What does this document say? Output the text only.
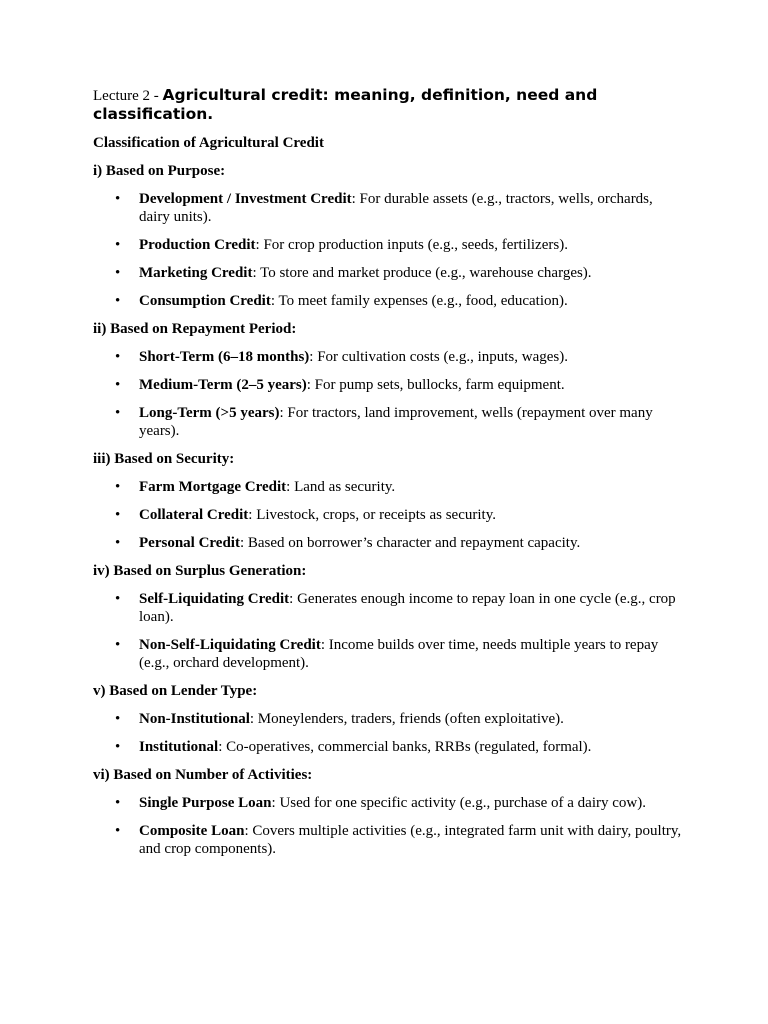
Lecture 2 - Agricultural credit: meaning, definition, need and classification.
Classification of Agricultural Credit
i) Based on Purpose:
• Development / Investment Credit: For durable assets (e.g., tractors, wells, orchards, dairy units).
• Production Credit: For crop production inputs (e.g., seeds, fertilizers).
• Marketing Credit: To store and market produce (e.g., warehouse charges).
• Consumption Credit: To meet family expenses (e.g., food, education).
ii) Based on Repayment Period:
• Short-Term (6–18 months): For cultivation costs (e.g., inputs, wages).
• Medium-Term (2–5 years): For pump sets, bullocks, farm equipment.
• Long-Term (>5 years): For tractors, land improvement, wells (repayment over many years).
iii) Based on Security:
• Farm Mortgage Credit: Land as security.
• Collateral Credit: Livestock, crops, or receipts as security.
• Personal Credit: Based on borrower’s character and repayment capacity.
iv) Based on Surplus Generation:
• Self-Liquidating Credit: Generates enough income to repay loan in one cycle (e.g., crop loan).
• Non-Self-Liquidating Credit: Income builds over time, needs multiple years to repay (e.g., orchard development).
v) Based on Lender Type:
• Non-Institutional: Moneylenders, traders, friends (often exploitative).
• Institutional: Co-operatives, commercial banks, RRBs (regulated, formal).
vi) Based on Number of Activities:
• Single Purpose Loan: Used for one specific activity (e.g., purchase of a dairy cow).
• Composite Loan: Covers multiple activities (e.g., integrated farm unit with dairy, poultry, and crop components).
